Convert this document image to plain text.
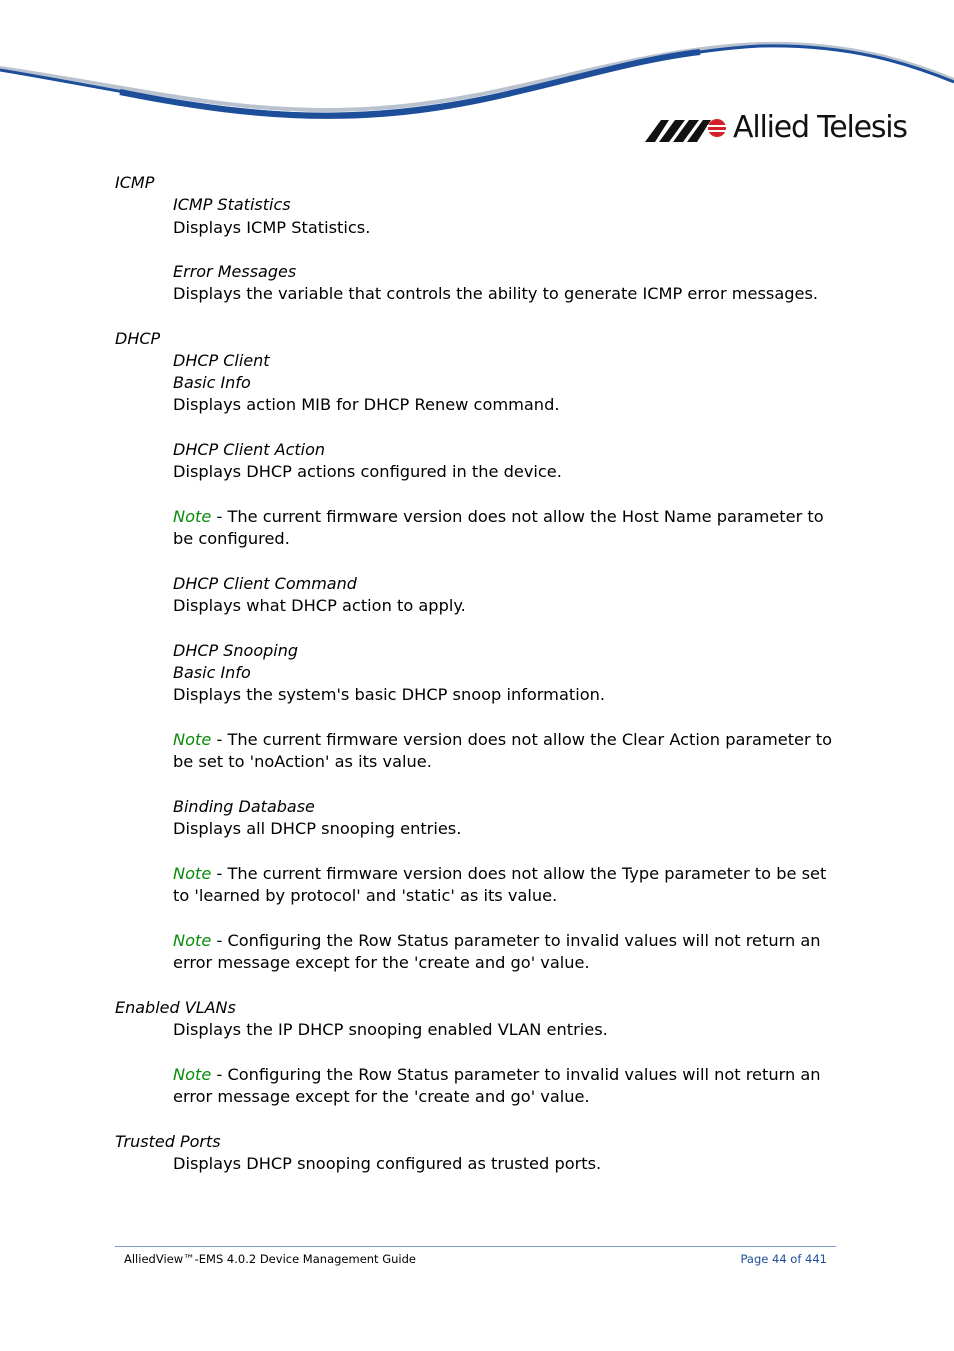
Allied Telesis
ICMP
ICMP Statistics
Displays ICMP Statistics.
Error Messages
Displays the variable that controls the ability to generate ICMP error messages.
DHCP
DHCP Client
Basic Info
Displays action MIB for DHCP Renew command.
DHCP Client Action
Displays DHCP actions configured in the device.
Note - The current firmware version does not allow the Host Name parameter to
be configured.
DHCP Client Command
Displays what DHCP action to apply.
DHCP Snooping
Basic Info
Displays the system's basic DHCP snoop information.
Note - The current firmware version does not allow the Clear Action parameter to
be set to 'noAction' as its value.
Binding Database
Displays all DHCP snooping entries.
Note - The current firmware version does not allow the Type parameter to be set
to 'learned by protocol' and 'static' as its value.
Note - Configuring the Row Status parameter to invalid values will not return an
error message except for the 'create and go' value.
Enabled VLANs
Displays the IP DHCP snooping enabled VLAN entries.
Note - Configuring the Row Status parameter to invalid values will not return an
error message except for the 'create and go' value.
Trusted Ports
Displays DHCP snooping configured as trusted ports.
AlliedView™-EMS 4.0.2 Device Management Guide	Page 44 of 441
